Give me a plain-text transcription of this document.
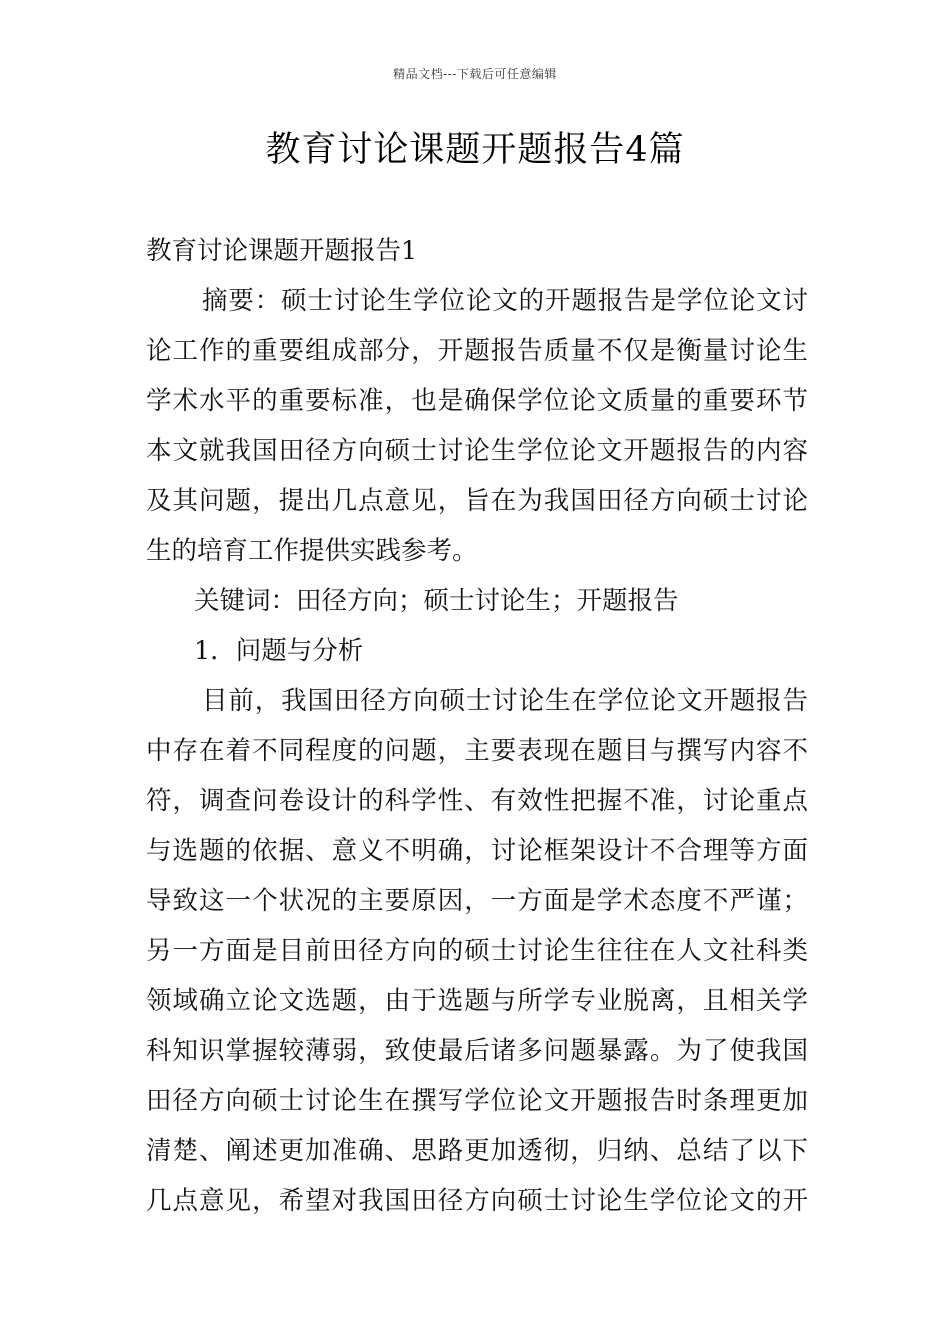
精品文档---下载后可任意编辑
教育讨论课题开题报告4篇
教育讨论课题开题报告1
摘要：硕士讨论生学位论文的开题报告是学位论文讨
论工作的重要组成部分，开题报告质量不仅是衡量讨论生
学术水平的重要标准，也是确保学位论文质量的重要环节
本文就我国田径方向硕士讨论生学位论文开题报告的内容
及其问题，提出几点意见，旨在为我国田径方向硕士讨论
生的培育工作提供实践参考。
关键词：田径方向；硕士讨论生；开题报告
1．问题与分析
目前，我国田径方向硕士讨论生在学位论文开题报告
中存在着不同程度的问题，主要表现在题目与撰写内容不
符，调查问卷设计的科学性、有效性把握不准，讨论重点
与选题的依据、意义不明确，讨论框架设计不合理等方面
导致这一个状况的主要原因，一方面是学术态度不严谨；
另一方面是目前田径方向的硕士讨论生往往在人文社科类
领域确立论文选题，由于选题与所学专业脱离，且相关学
科知识掌握较薄弱，致使最后诸多问题暴露。为了使我国
田径方向硕士讨论生在撰写学位论文开题报告时条理更加
清楚、阐述更加准确、思路更加透彻，归纳、总结了以下
几点意见，希望对我国田径方向硕士讨论生学位论文的开
